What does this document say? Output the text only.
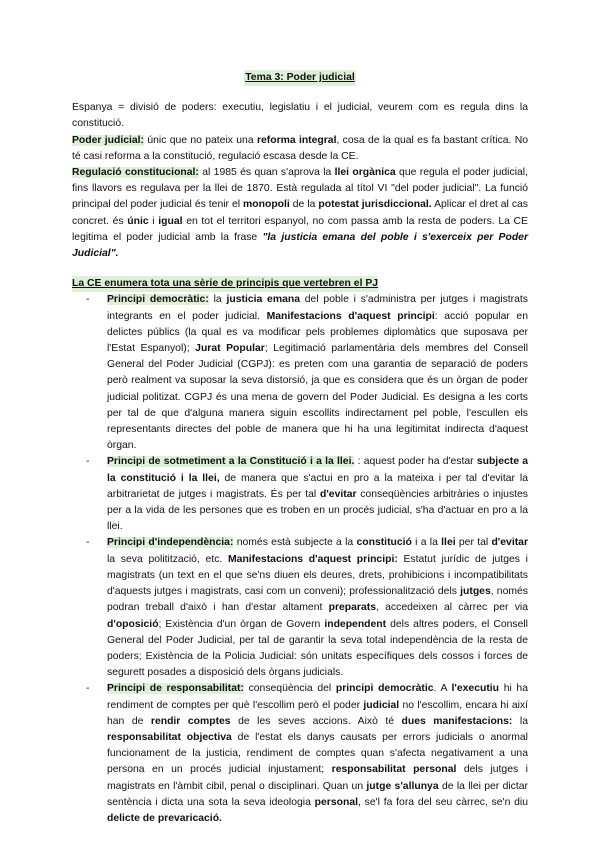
Tema 3: Poder judicial

Espanya = divisió de poders: executiu, legislatiu i el judicial, veurem com es regula dins la constitució.

Poder judicial: únic que no pateix una reforma integral, cosa de la qual es fa bastant crítica. No té casi reforma a la constitució, regulació escasa desde la CE.

Regulació constitucional: al 1985 és quan s'aprova la llei orgànica que regula el poder judicial, fins llavors es regulava per la llei de 1870. Està regulada al títol VI "del poder judicial". La funció principal del poder judicial és tenir el monopoli de la potestat jurisdiccional. Aplicar el dret al cas concret. és únic i igual en tot el territori espanyol, no com passa amb la resta de poders. La CE legitima el poder judicial amb la frase "la justicia emana del poble i s'exerceix per Poder Judicial".

La CE enumera tota una sèrie de principis que vertebren el PJ
- Principi democràtic: la justicia emana del poble i s'administra per jutges i magistrats integrants en el poder judicial. Manifestacions d'aquest principi: acció popular en delictes públics (la qual es va modificar pels problemes diplomàtics que suposava per l'Estat Espanyol); Jurat Popular; Legitimació parlamentària dels membres del Consell General del Poder Judicial (CGPJ): es preten com una garantia de separació de poders però realment va suposar la seva distorsió, ja que es considera que és un òrgan de poder judicial politizat. CGPJ és una mena de govern del Poder Judicial. Es designa a les corts per tal de que d'alguna manera siguin escollits indirectament pel poble, l'escullen els representants directes del poble de manera que hi ha una legitimitat indirecta d'aquest òrgan.
- Principi de sotmetiment a la Constitució i a la llei. : aquest poder ha d'estar subjecte a la constitució i la llei, de manera que s'actui en pro a la mateixa i per tal d'evitar la arbitrarietat de jutges i magistrats. És per tal d'evitar conseqüències arbitràries o injustes per a la vida de les persones que es troben en un procés judicial, s'ha d'actuar en pro a la llei.
- Principi d'independència: només està subjecte a la constitució i a la llei per tal d'evitar la seva politització, etc. Manifestacions d'aquest principi: Estatut jurídic de jutges i magistrats (un text en el que se'ns diuen els deures, drets, prohibicions i incompatibilitats d'aquests jutges i magistrats, casi com un conveni); professionalització dels jutges, només podran treball d'això i han d'estar altament preparats, accedeixen al càrrec per via d'oposició; Existència d'un òrgan de Govern independent dels altres poders, el Consell General del Poder Judicial, per tal de garantir la seva total independència de la resta de poders; Existència de la Policia Judicial: són unitats específiques dels cossos i forces de segurett posades a disposició dels òrgans judicials.
- Principi de responsabilitat: conseqüència del principi democràtic. A l'executiu hi ha rendiment de comptes per què l'escollim però el poder judicial no l'escollim, encara hi així han de rendir comptes de les seves accions. Això té dues manifestacions: la responsabilitat objectiva de l'estat els danys causats per errors judicials o anormal funcionament de la justicia, rendiment de comptes quan s'afecta negativament a una persona en un procés judicial injustament; responsabilitat personal dels jutges i magistrats en l'àmbit cibil, penal o disciplinari. Quan un jutge s'allunya de la llei per dictar sentència i dicta una sota la seva ideologia personal, se'l fa fora del seu càrrec, se'n diu delicte de prevaricació.
